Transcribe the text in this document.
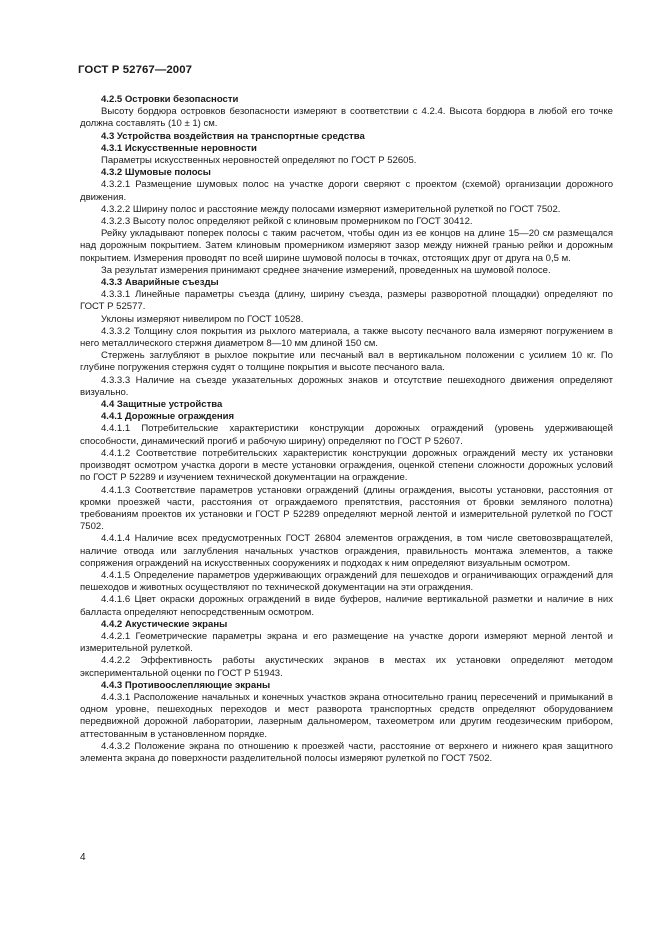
ГОСТ Р 52767—2007

4.2.5 Островки безопасности

Высоту бордюра островков безопасности измеряют в соответствии с 4.2.4. Высота бордюра в любой его точке должна составлять (10 ± 1) см.

4.3 Устройства воздействия на транспортные средства

4.3.1 Искусственные неровности

Параметры искусственных неровностей определяют по ГОСТ Р 52605.

4.3.2 Шумовые полосы

4.3.2.1 Размещение шумовых полос на участке дороги сверяют с проектом (схемой) организации дорожного движения.

4.3.2.2 Ширину полос и расстояние между полосами измеряют измерительной рулеткой по ГОСТ 7502.

4.3.2.3 Высоту полос определяют рейкой с клиновым промерником по ГОСТ 30412.

Рейку укладывают поперек полосы с таким расчетом, чтобы один из ее концов на длине 15—20 см размещался над дорожным покрытием. Затем клиновым промерником измеряют зазор между нижней гранью рейки и дорожным покрытием. Измерения проводят по всей ширине шумовой полосы в точках, отстоящих друг от друга на 0,5 м.

За результат измерения принимают среднее значение измерений, проведенных на шумовой полосе.

4.3.3 Аварийные съезды

4.3.3.1 Линейные параметры съезда (длину, ширину съезда, размеры разворотной площадки) определяют по ГОСТ Р 52577.

Уклоны измеряют нивелиром по ГОСТ 10528.

4.3.3.2 Толщину слоя покрытия из рыхлого материала, а также высоту песчаного вала измеряют погружением в него металлического стержня диаметром 8—10 мм длиной 150 см.

Стержень заглубляют в рыхлое покрытие или песчаный вал в вертикальном положении с усилием 10 кг. По глубине погружения стержня судят о толщине покрытия и высоте песчаного вала.

4.3.3.3 Наличие на съезде указательных дорожных знаков и отсутствие пешеходного движения определяют визуально.

4.4 Защитные устройства

4.4.1 Дорожные ограждения

4.4.1.1 Потребительские характеристики конструкции дорожных ограждений (уровень удерживающей способности, динамический прогиб и рабочую ширину) определяют по ГОСТ Р 52607.

4.4.1.2 Соответствие потребительских характеристик конструкции дорожных ограждений месту их установки производят осмотром участка дороги в месте установки ограждения, оценкой степени сложности дорожных условий по ГОСТ Р 52289 и изучением технической документации на ограждение.

4.4.1.3 Соответствие параметров установки ограждений (длины ограждения, высоты установки, расстояния от кромки проезжей части, расстояния от ограждаемого препятствия, расстояния от бровки земляного полотна) требованиям проектов их установки и ГОСТ Р 52289 определяют мерной лентой и измерительной рулеткой по ГОСТ 7502.

4.4.1.4 Наличие всех предусмотренных ГОСТ 26804 элементов ограждения, в том числе световозвращателей, наличие отвода или заглубления начальных участков ограждения, правильность монтажа элементов, а также сопряжения ограждений на искусственных сооружениях и подходах к ним определяют визуальным осмотром.

4.4.1.5 Определение параметров удерживающих ограждений для пешеходов и ограничивающих ограждений для пешеходов и животных осуществляют по технической документации на эти ограждения.

4.4.1.6 Цвет окраски дорожных ограждений в виде буферов, наличие вертикальной разметки и наличие в них балласта определяют непосредственным осмотром.

4.4.2 Акустические экраны

4.4.2.1 Геометрические параметры экрана и его размещение на участке дороги измеряют мерной лентой и измерительной рулеткой.

4.4.2.2 Эффективность работы акустических экранов в местах их установки определяют методом экспериментальной оценки по ГОСТ Р 51943.

4.4.3 Противоослепляющие экраны

4.4.3.1 Расположение начальных и конечных участков экрана относительно границ пересечений и примыканий в одном уровне, пешеходных переходов и мест разворота транспортных средств определяют оборудованием передвижной дорожной лаборатории, лазерным дальномером, тахеометром или другим геодезическим прибором, аттестованным в установленном порядке.

4.4.3.2 Положение экрана по отношению к проезжей части, расстояние от верхнего и нижнего края защитного элемента экрана до поверхности разделительной полосы измеряют рулеткой по ГОСТ 7502.

4
